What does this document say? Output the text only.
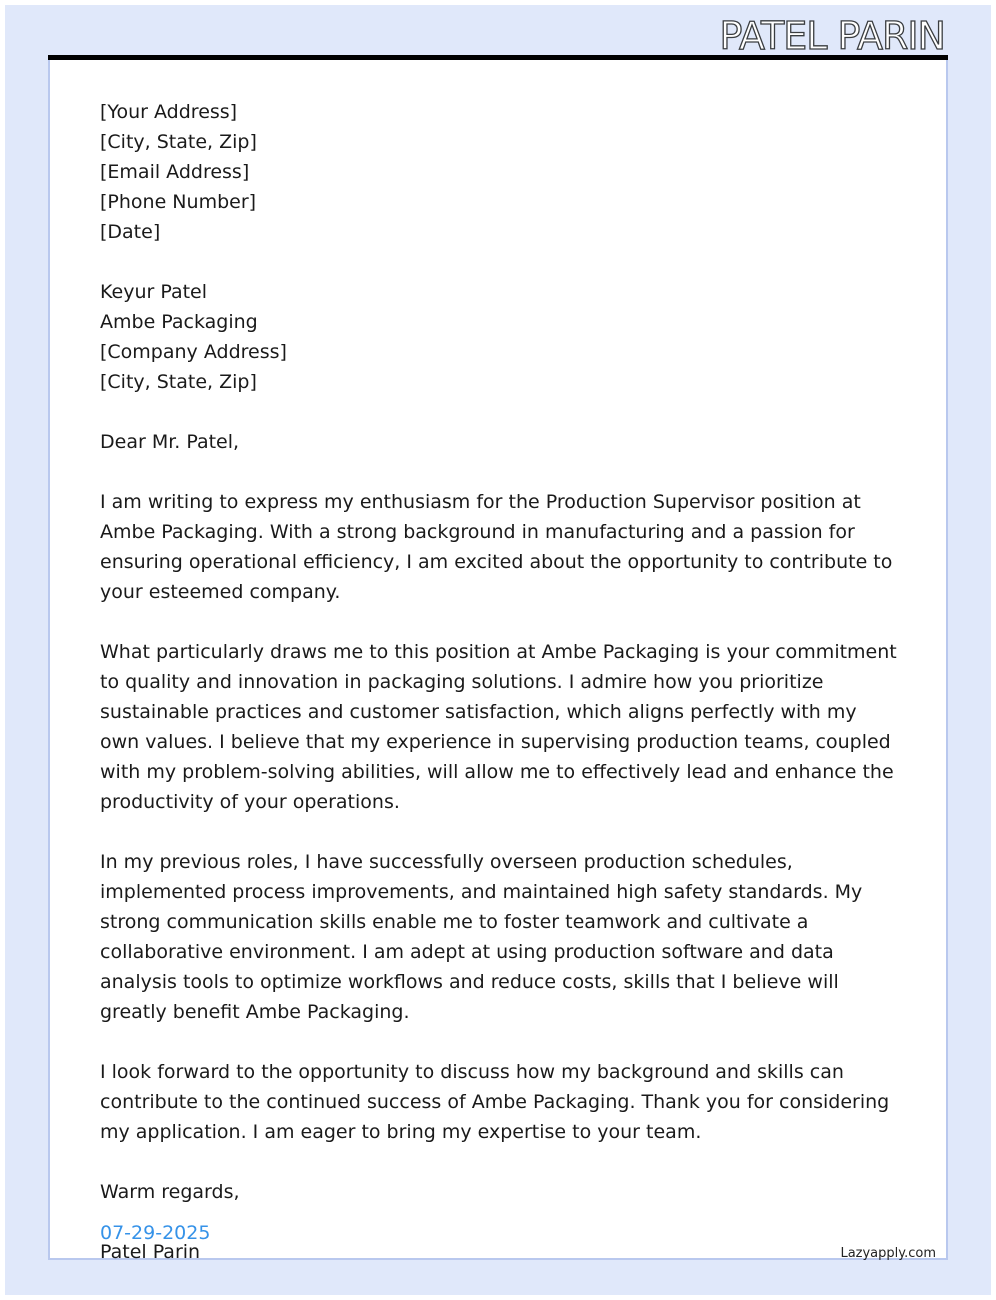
PATEL PARIN
[Your Address]
[City, State, Zip]
[Email Address]
[Phone Number]
[Date]
Keyur Patel
Ambe Packaging
[Company Address]
[City, State, Zip]

Dear Mr. Patel,

I am writing to express my enthusiasm for the Production Supervisor position at Ambe Packaging. With a strong background in manufacturing and a passion for ensuring operational efficiency, I am excited about the opportunity to contribute to your esteemed company.

What particularly draws me to this position at Ambe Packaging is your commitment to quality and innovation in packaging solutions. I admire how you prioritize sustainable practices and customer satisfaction, which aligns perfectly with my own values. I believe that my experience in supervising production teams, coupled with my problem-solving abilities, will allow me to effectively lead and enhance the productivity of your operations.

In my previous roles, I have successfully overseen production schedules, implemented process improvements, and maintained high safety standards. My strong communication skills enable me to foster teamwork and cultivate a collaborative environment. I am adept at using production software and data analysis tools to optimize workflows and reduce costs, skills that I believe will greatly benefit Ambe Packaging.

I look forward to the opportunity to discuss how my background and skills can contribute to the continued success of Ambe Packaging. Thank you for considering my application. I am eager to bring my expertise to your team.

Warm regards,

Patel Parin

07-29-2025
Lazyapply.com
